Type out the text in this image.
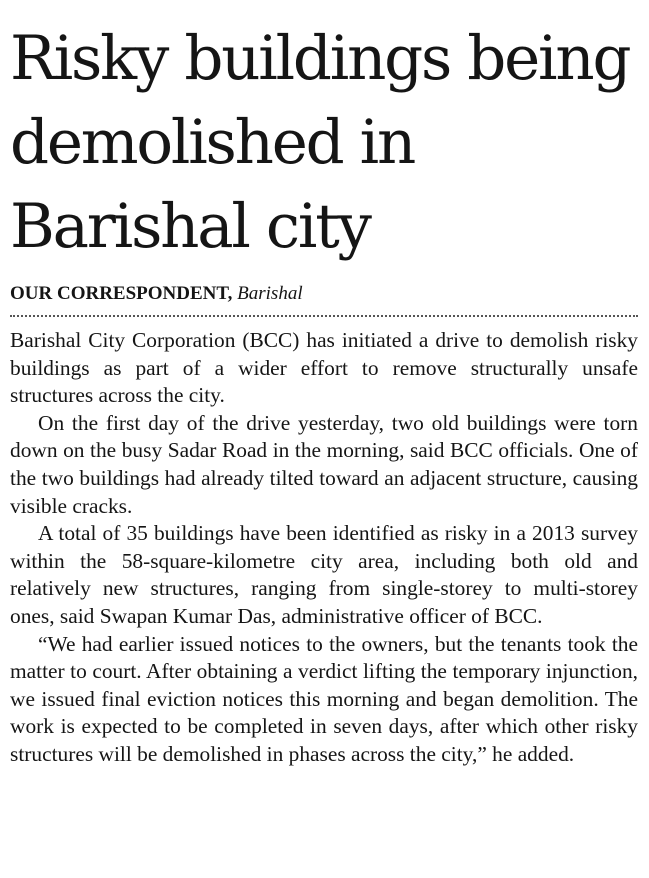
Risky buildings being demolished in Barishal city
OUR CORRESPONDENT, Barishal

Barishal City Corporation (BCC) has initiated a drive to demolish risky buildings as part of a wider effort to remove structurally unsafe structures across the city.

On the first day of the drive yesterday, two old buildings were torn down on the busy Sadar Road in the morning, said BCC officials. One of the two buildings had already tilted toward an adjacent structure, causing visible cracks.

A total of 35 buildings have been identified as risky in a 2013 survey within the 58-square-kilometre city area, including both old and relatively new structures, ranging from single-storey to multi-storey ones, said Swapan Kumar Das, administrative officer of BCC.

“We had earlier issued notices to the owners, but the tenants took the matter to court. After obtaining a verdict lifting the temporary injunction, we issued final eviction notices this morning and began demolition. The work is expected to be completed in seven days, after which other risky structures will be demolished in phases across the city,” he added.
